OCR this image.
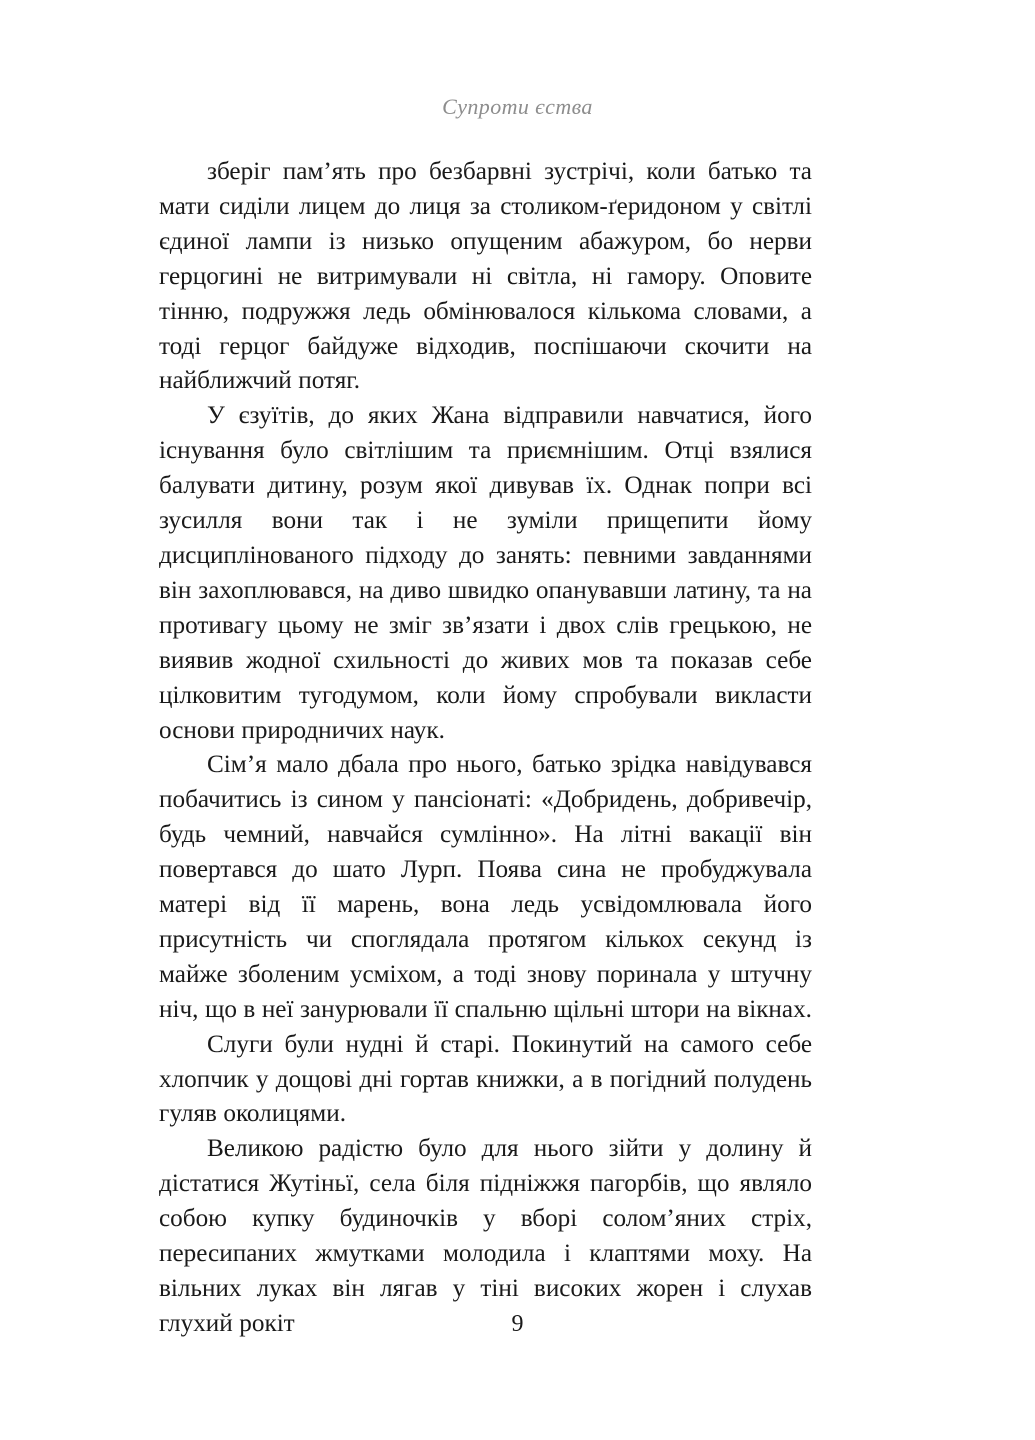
Супроти єства

зберіг пам’ять про безбарвні зустрічі, коли батько та мати сиділи лицем до лиця за столиком-ґеридоном у світлі єдиної лампи із низько опущеним абажуром, бо нерви герцогині не витримували ні світла, ні гамору. Оповите тінню, подружжя ледь обмінювалося кількома словами, а тоді герцог байдуже відходив, поспішаючи скочити на найближчий потяг.

У єзуїтів, до яких Жана відправили навчатися, його існування було світлішим та приємнішим. Отці взялися балувати дитину, розум якої дивував їх. Однак попри всі зусилля вони так і не зуміли прищепити йому дисциплінованого підходу до занять: певними завданнями він захоплювався, на диво швидко опанувавши латину, та на противагу цьому не зміг зв’язати і двох слів грецькою, не виявив жодної схильності до живих мов та показав себе цілковитим тугодумом, коли йому спробували викласти основи природничих наук.

Сім’я мало дбала про нього, батько зрідка навідувався побачитись із сином у пансіонаті: «Добридень, добривечір, будь чемний, навчайся сумлінно». На літні вакації він повертався до шато Лурп. Поява сина не пробуджувала матері від її марень, вона ледь усвідомлювала його присутність чи споглядала протягом кількох секунд із майже зболеним усміхом, а тоді знову поринала у штучну ніч, що в неї занурювали її спальню щільні штори на вікнах.

Слуги були нудні й старі. Покинутий на самого себе хлопчик у дощові дні гортав книжки, а в погідний полудень гуляв околицями.

Великою радістю було для нього зійти у долину й дістатися Жутіньї, села біля підніжжя пагорбів, що являло собою купку будиночків у вборі солом’яних стріх, пересипаних жмутками молодила і клаптями моху. На вільних луках він лягав у тіні високих жорен і слухав глухий рокіт	9
